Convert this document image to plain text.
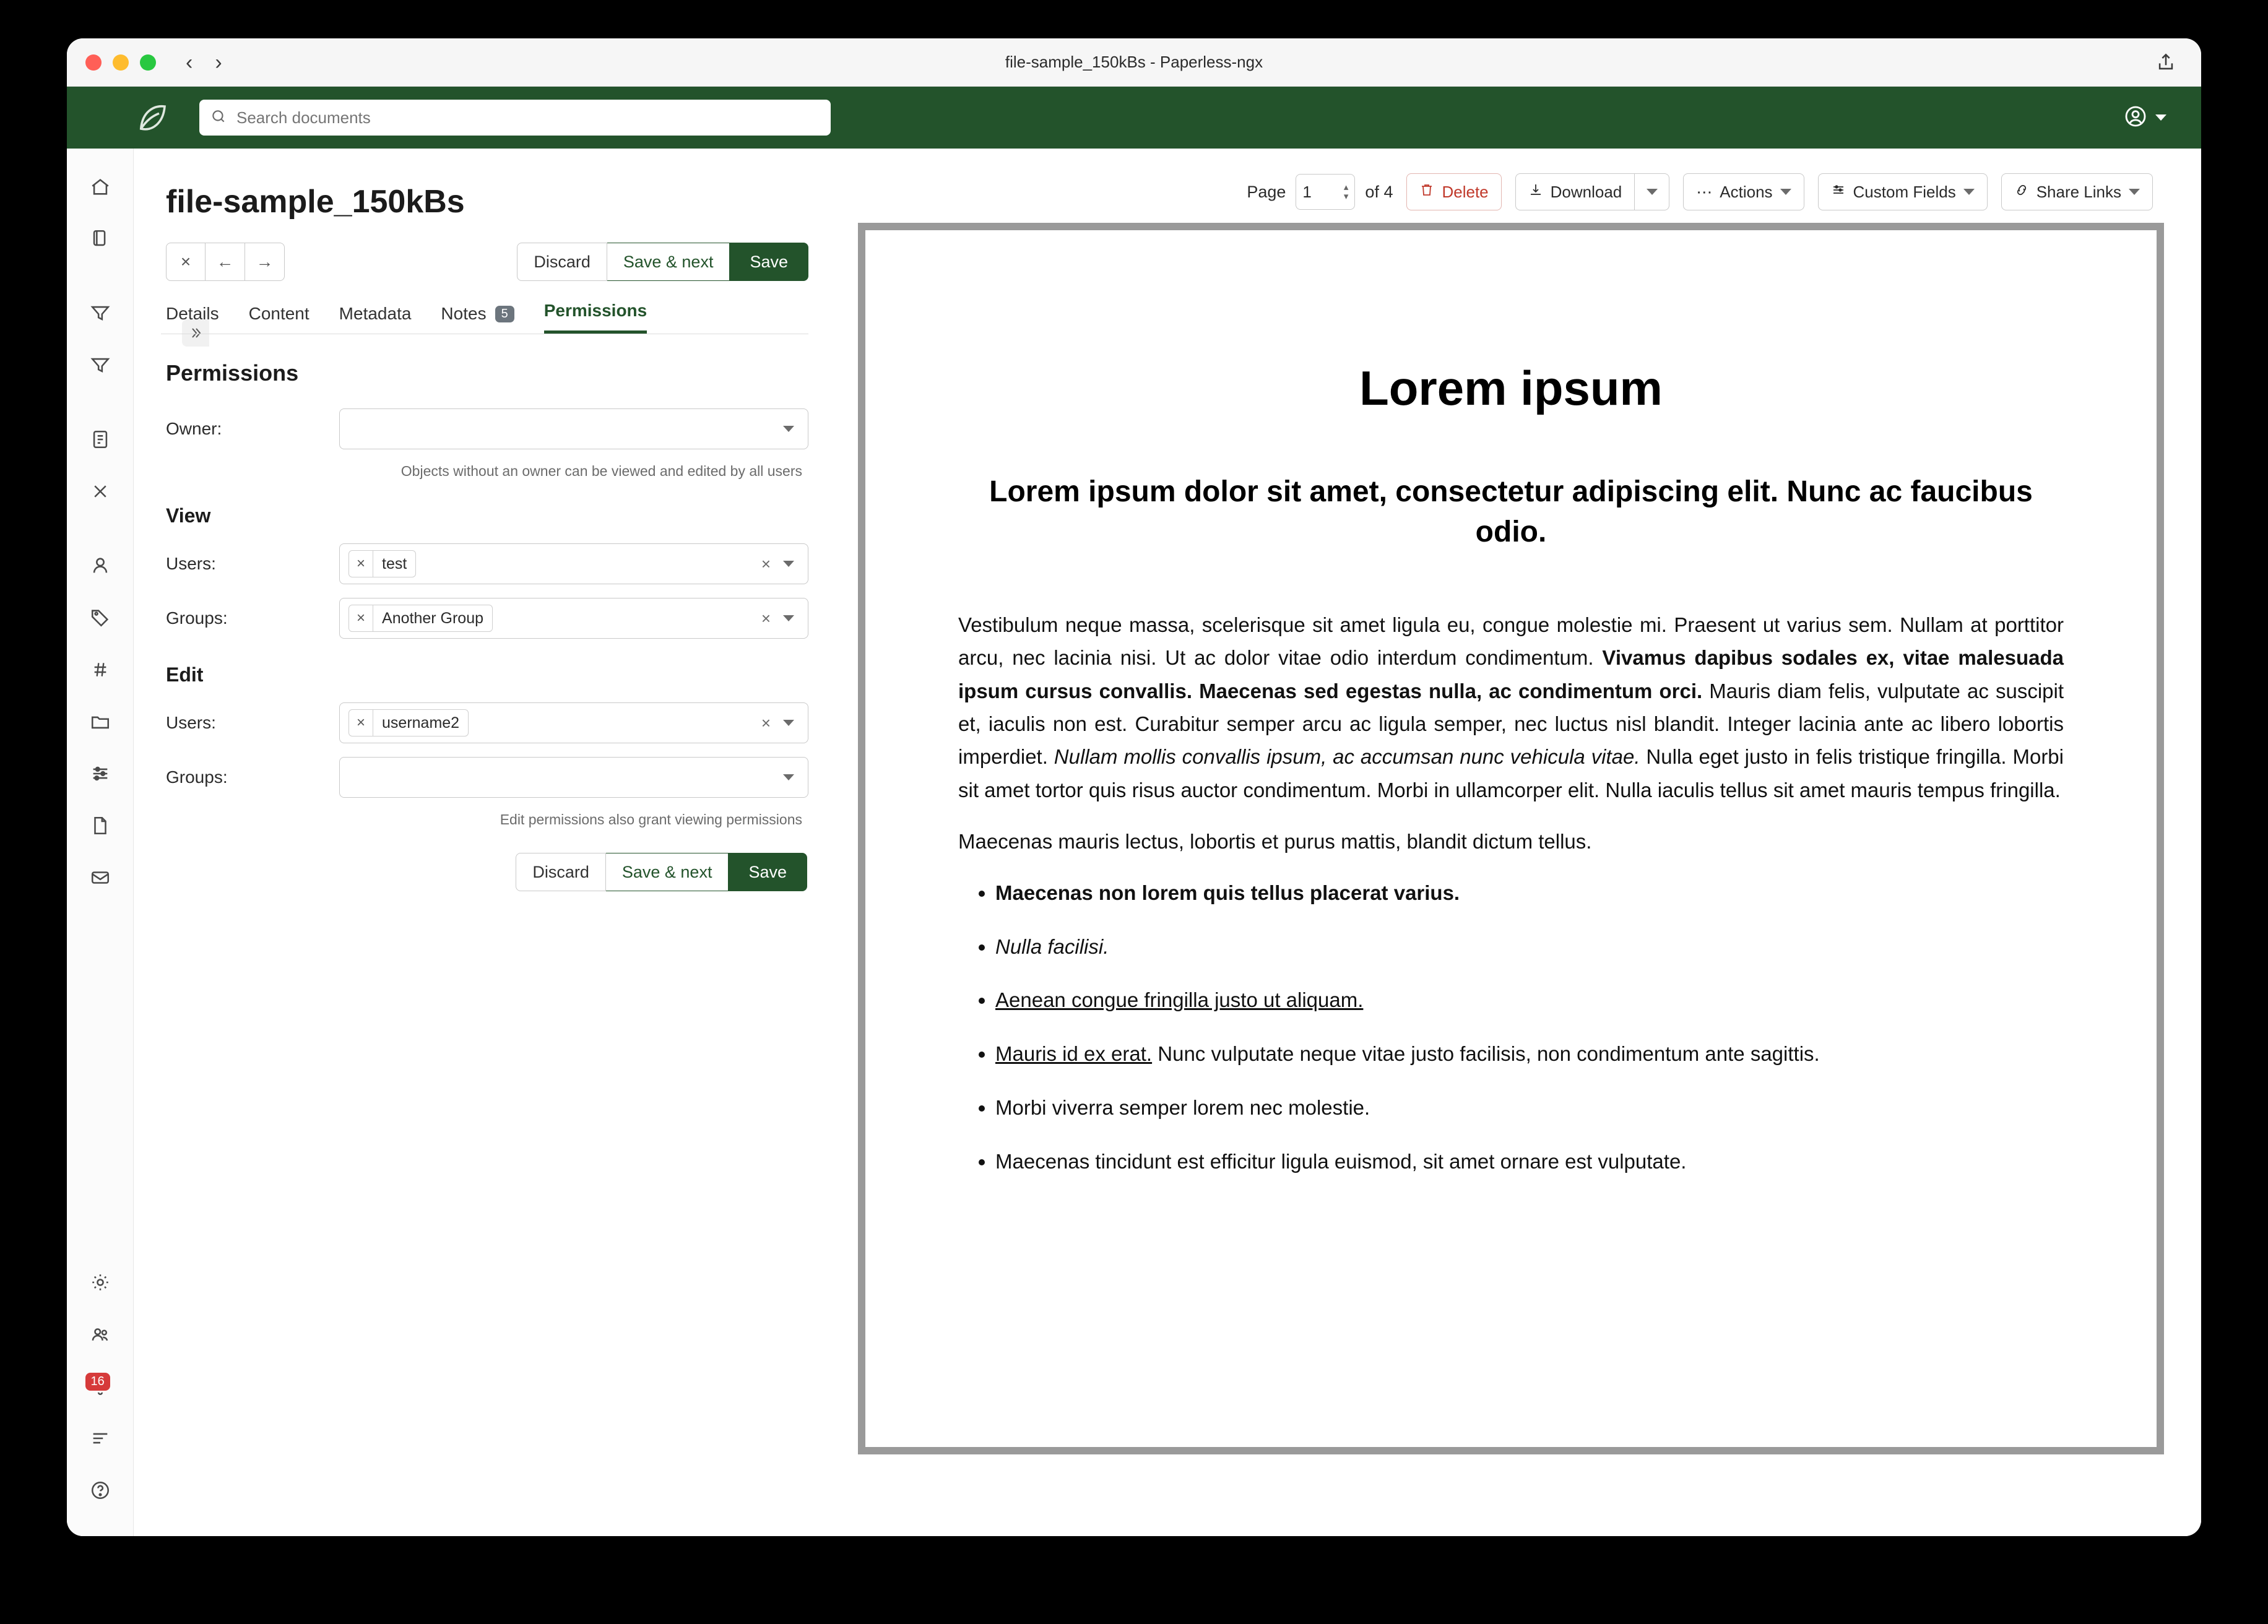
‹ ›	file-sample_150kBs - Paperless-ngx
Search documents
16
file-sample_150kBs
×	←	→	Discard	Save & next	Save
Details Content Metadata Notes	5	Permissions
Permissions
Owner:
Objects without an owner can be viewed and edited by all users
View
Users:	×	test	×
Groups:	×	Another Group	×
Edit
Users:	×	username2	×
Groups:
Edit permissions also grant viewing permissions
Discard	Save & next	Save
Page 1	▴
▾ of 4	Delete	Download	⋯ Actions	Custom Fields	Share Links
Lorem ipsum
Lorem ipsum dolor sit amet, consectetur adipiscing elit. Nunc ac faucibus odio.

Vestibulum neque massa, scelerisque sit amet ligula eu, congue molestie mi. Praesent ut varius sem. Nullam at porttitor arcu, nec lacinia nisi. Ut ac dolor vitae odio interdum condimentum. Vivamus dapibus sodales ex, vitae malesuada ipsum cursus convallis. Maecenas sed egestas nulla, ac condimentum orci. Mauris diam felis, vulputate ac suscipit et, iaculis non est. Curabitur semper arcu ac ligula semper, nec luctus nisl blandit. Integer lacinia ante ac libero lobortis imperdiet. Nullam mollis convallis ipsum, ac accumsan nunc vehicula vitae. Nulla eget justo in felis tristique fringilla. Morbi sit amet tortor quis risus auctor condimentum. Morbi in ullamcorper elit. Nulla iaculis tellus sit amet mauris tempus fringilla.

Maecenas mauris lectus, lobortis et purus mattis, blandit dictum tellus.

• Maecenas non lorem quis tellus placerat varius.
• Nulla facilisi.
• Aenean congue fringilla justo ut aliquam.
• Mauris id ex erat. Nunc vulputate neque vitae justo facilisis, non condimentum ante sagittis.
• Morbi viverra semper lorem nec molestie.
• Maecenas tincidunt est efficitur ligula euismod, sit amet ornare est vulputate.
